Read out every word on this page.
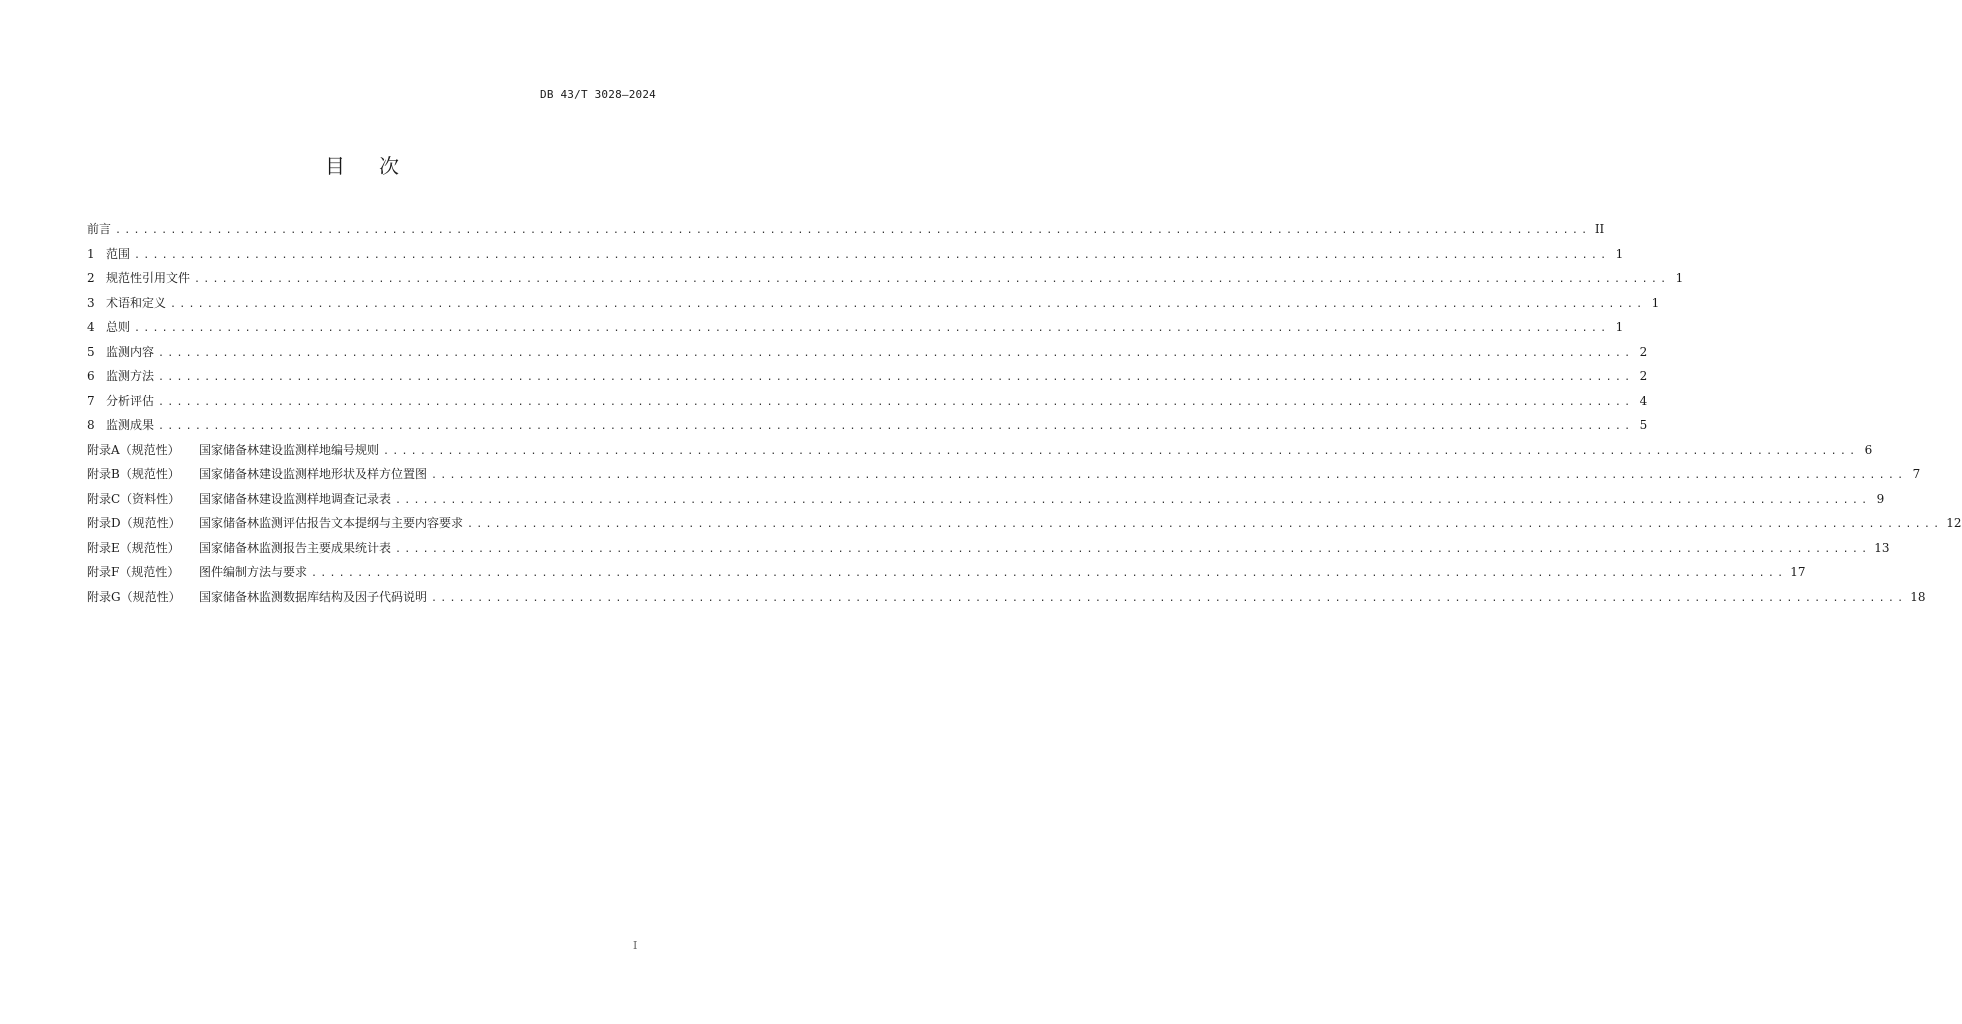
DB 43/T 3028—2024
目 次
前言 ................................................................................................................................................................ II
1 范围 ................................................................................................................................................................ 1
2 规范性引用文件 ................................................................................................................................................................ 1
3 术语和定义 ................................................................................................................................................................ 1
4 总则 ................................................................................................................................................................ 1
5 监测内容 ................................................................................................................................................................ 2
6 监测方法 ................................................................................................................................................................ 2
7 分析评估 ................................................................................................................................................................ 4
8 监测成果 ................................................................................................................................................................ 5
附录A（规范性）	国家储备林建设监测样地编号规则 ................................................................................................................................................................ 6
附录B（规范性）	国家储备林建设监测样地形状及样方位置图 ................................................................................................................................................................ 7
附录C（资料性）	国家储备林建设监测样地调查记录表 ................................................................................................................................................................ 9
附录D（规范性）	国家储备林监测评估报告文本提纲与主要内容要求 ................................................................................................................................................................ 12
附录E（规范性）	国家储备林监测报告主要成果统计表 ................................................................................................................................................................ 13
附录F（规范性）	图件编制方法与要求 ................................................................................................................................................................ 17
附录G（规范性）	国家储备林监测数据库结构及因子代码说明 ................................................................................................................................................................ 18
I
